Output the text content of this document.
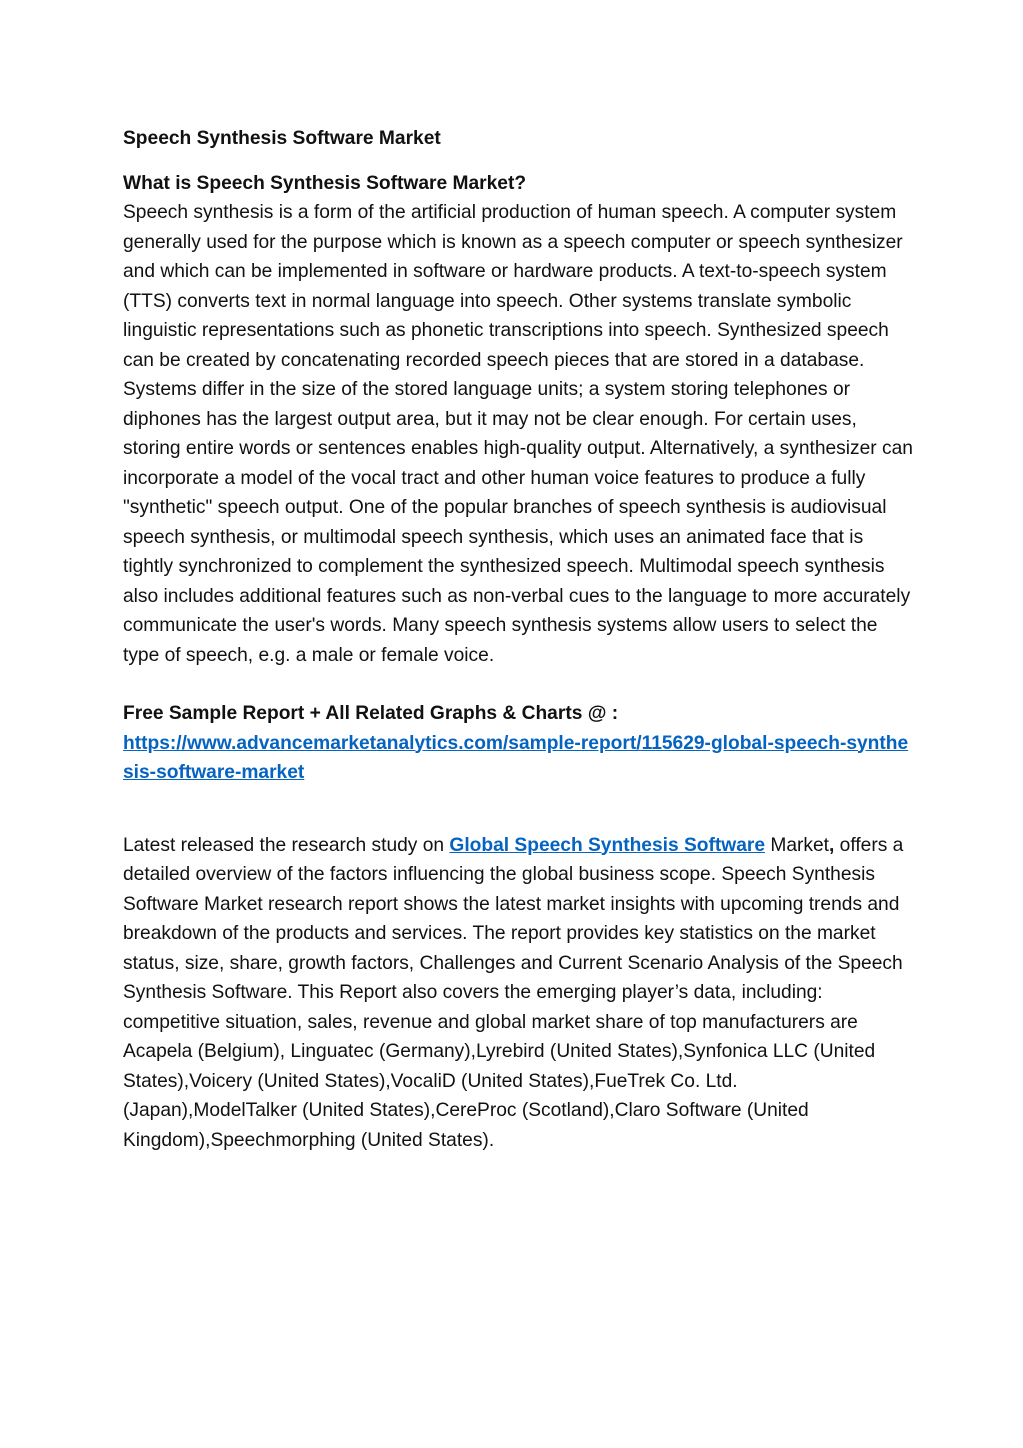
Speech Synthesis Software Market

What is Speech Synthesis Software Market?

Speech synthesis is a form of the artificial production of human speech. A computer system generally used for the purpose which is known as a speech computer or speech synthesizer and which can be implemented in software or hardware products. A text-to-speech system (TTS) converts text in normal language into speech. Other systems translate symbolic linguistic representations such as phonetic transcriptions into speech. Synthesized speech can be created by concatenating recorded speech pieces that are stored in a database. Systems differ in the size of the stored language units; a system storing telephones or diphones has the largest output area, but it may not be clear enough. For certain uses, storing entire words or sentences enables high-quality output. Alternatively, a synthesizer can incorporate a model of the vocal tract and other human voice features to produce a fully "synthetic" speech output. One of the popular branches of speech synthesis is audiovisual speech synthesis, or multimodal speech synthesis, which uses an animated face that is tightly synchronized to complement the synthesized speech. Multimodal speech synthesis also includes additional features such as non-verbal cues to the language to more accurately communicate the user's words. Many speech synthesis systems allow users to select the type of speech, e.g. a male or female voice.

Free Sample Report + All Related Graphs & Charts @ :

https://www.advancemarketanalytics.com/sample-report/115629-global-speech-synthesis-software-market

Latest released the research study on Global Speech Synthesis Software Market, offers a detailed overview of the factors influencing the global business scope. Speech Synthesis Software Market research report shows the latest market insights with upcoming trends and breakdown of the products and services. The report provides key statistics on the market status, size, share, growth factors, Challenges and Current Scenario Analysis of the Speech Synthesis Software. This Report also covers the emerging player’s data, including: competitive situation, sales, revenue and global market share of top manufacturers are Acapela (Belgium), Linguatec (Germany),Lyrebird (United States),Synfonica LLC (United States),Voicery (United States),VocaliD (United States),FueTrek Co. Ltd. (Japan),ModelTalker (United States),CereProc (Scotland),Claro Software (United Kingdom),Speechmorphing (United States).
